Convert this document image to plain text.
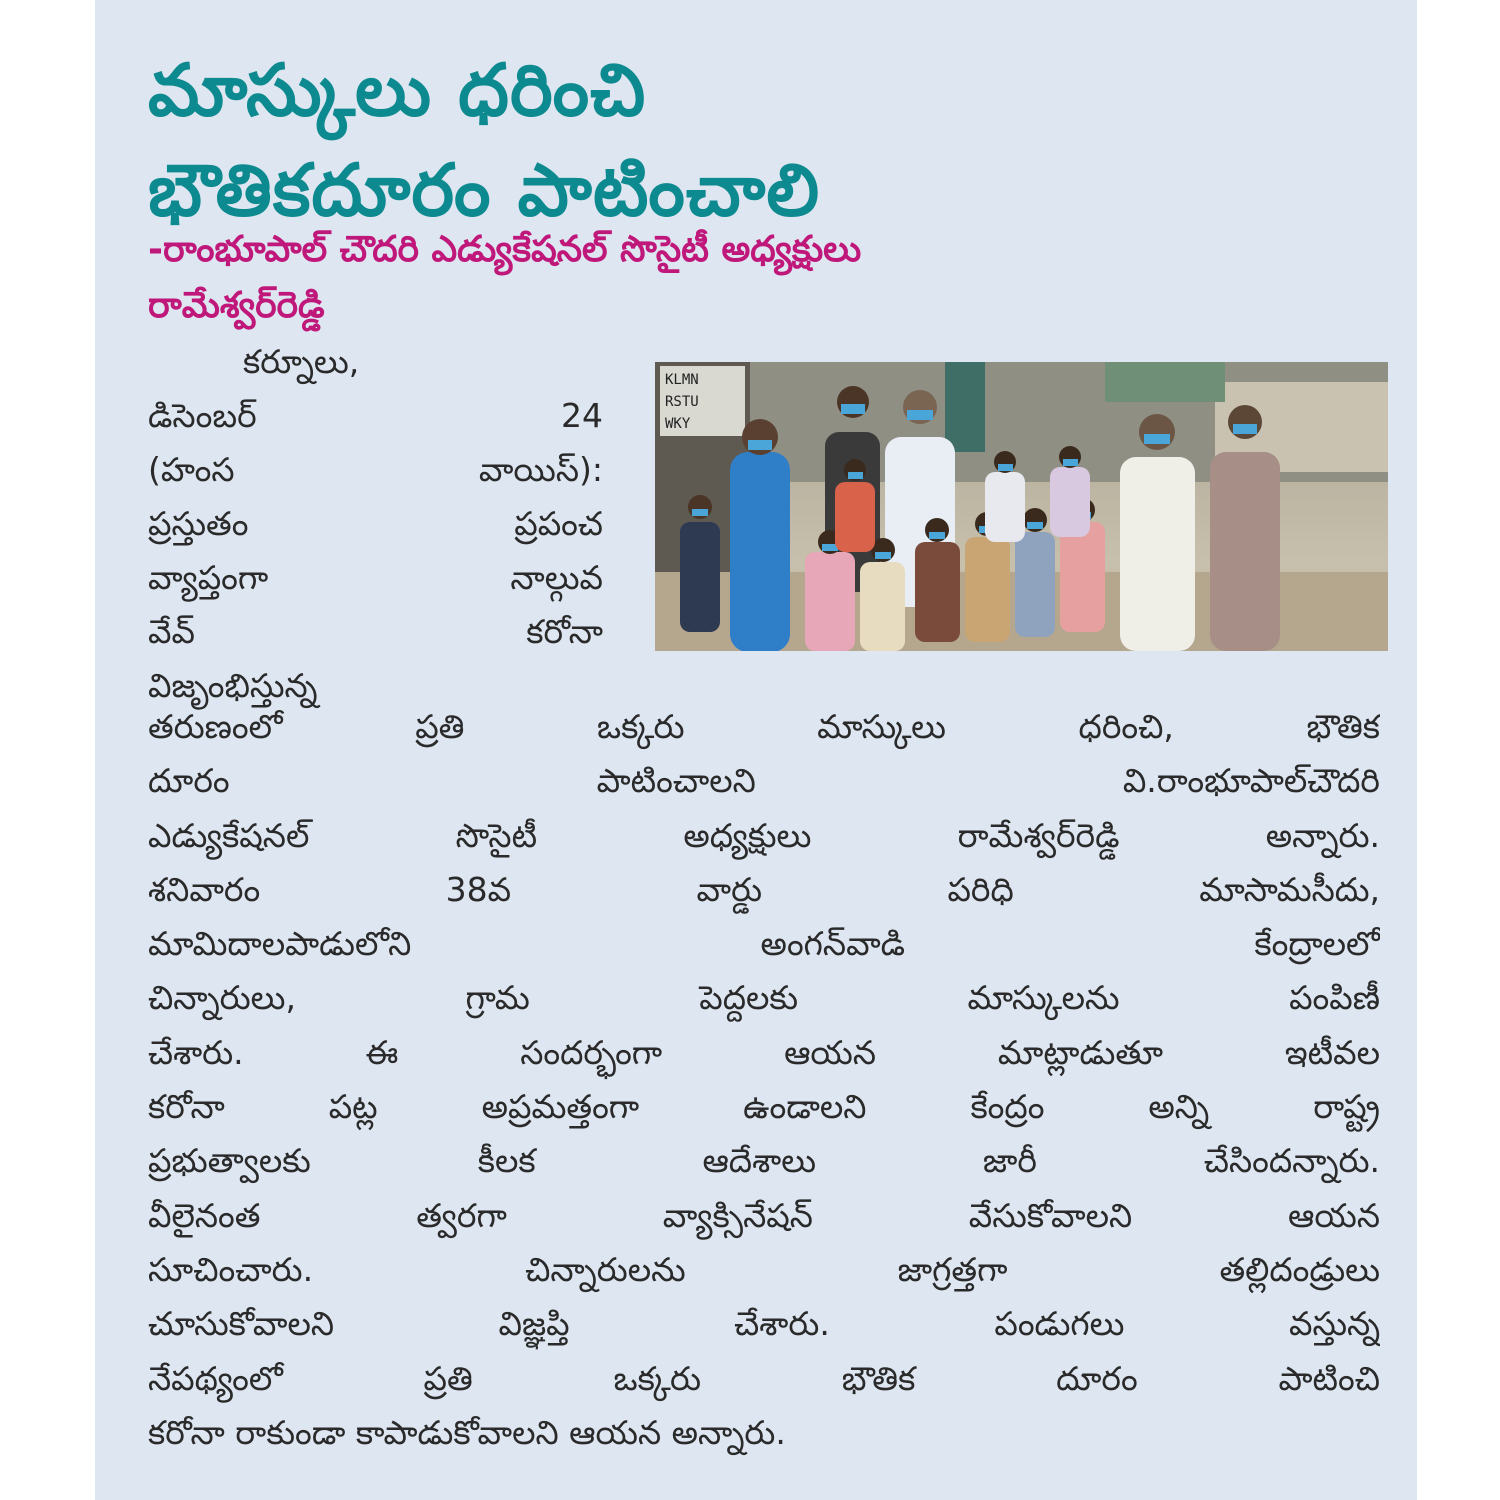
మాస్కులు ధరించి
భౌతికదూరం పాటించాలి
-రాంభూపాల్ చౌదరి ఎడ్యుకేషనల్ సొసైటీ అధ్యక్షులు
రామేశ్వర్‌రెడ్డి
కర్నూలు,
డిసెంబర్ 24
(హంస వాయిస్):
ప్రస్తుతం ప్రపంచ
వ్యాప్తంగా నాల్గువ
వేవ్ కరోనా
విజృంభిస్తున్న
KLMN
RSTU
WKY
తరుణంలో ప్రతి ఒక్కరు మాస్కులు ధరించి, భౌతిక
దూరం పాటించాలని వి.రాంభూపాల్‌చౌదరి
ఎడ్యుకేషనల్ సొసైటీ అధ్యక్షులు రామేశ్వర్‌రెడ్డి అన్నారు.
శనివారం 38వ వార్డు పరిధి మాసామసీదు,
మామిదాలపాడులోని అంగన్‌వాడి కేంద్రాలలో
చిన్నారులు, గ్రామ పెద్దలకు మాస్కులను పంపిణీ
చేశారు. ఈ సందర్భంగా ఆయన మాట్లాడుతూ ఇటీవల
కరోనా పట్ల అప్రమత్తంగా ఉండాలని కేంద్రం అన్ని రాష్ట్ర
ప్రభుత్వాలకు కీలక ఆదేశాలు జారీ చేసిందన్నారు.
వీలైనంత త్వరగా వ్యాక్సినేషన్ వేసుకోవాలని ఆయన
సూచించారు. చిన్నారులను జాగ్రత్తగా తల్లిదండ్రులు
చూసుకోవాలని విజ్ఞప్తి చేశారు. పండుగలు వస్తున్న
నేపథ్యంలో ప్రతి ఒక్కరు భౌతిక దూరం పాటించి
కరోనా రాకుండా కాపాడుకోవాలని ఆయన అన్నారు.
